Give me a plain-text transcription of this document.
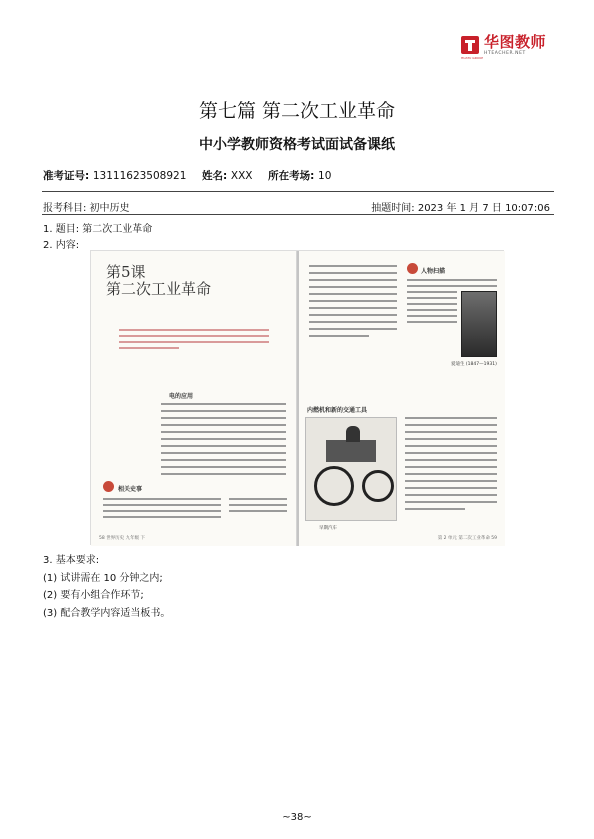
HUATU GROUP
华图教师
HTEACHER.NET
第七篇 第二次工业革命
中小学教师资格考试面试备课纸
准考证号: 13111623508921 姓名: XXX 所在考场: 10
报考科目: 初中历史	抽题时间: 2023 年 1 月 7 日 10:07:06
1. 题目: 第二次工业革命
2. 内容:
第5课
第二次工业革命
电的应用
相关史事
58 世界历史 九年级 下
人物扫描
爱迪生 (1847—1931)
内燃机和新的交通工具
早期汽车
第 2 单元 第二次工业革命 59
3. 基本要求:
(1) 试讲需在 10 分钟之内;
(2) 要有小组合作环节;
(3) 配合教学内容适当板书。
~38~
